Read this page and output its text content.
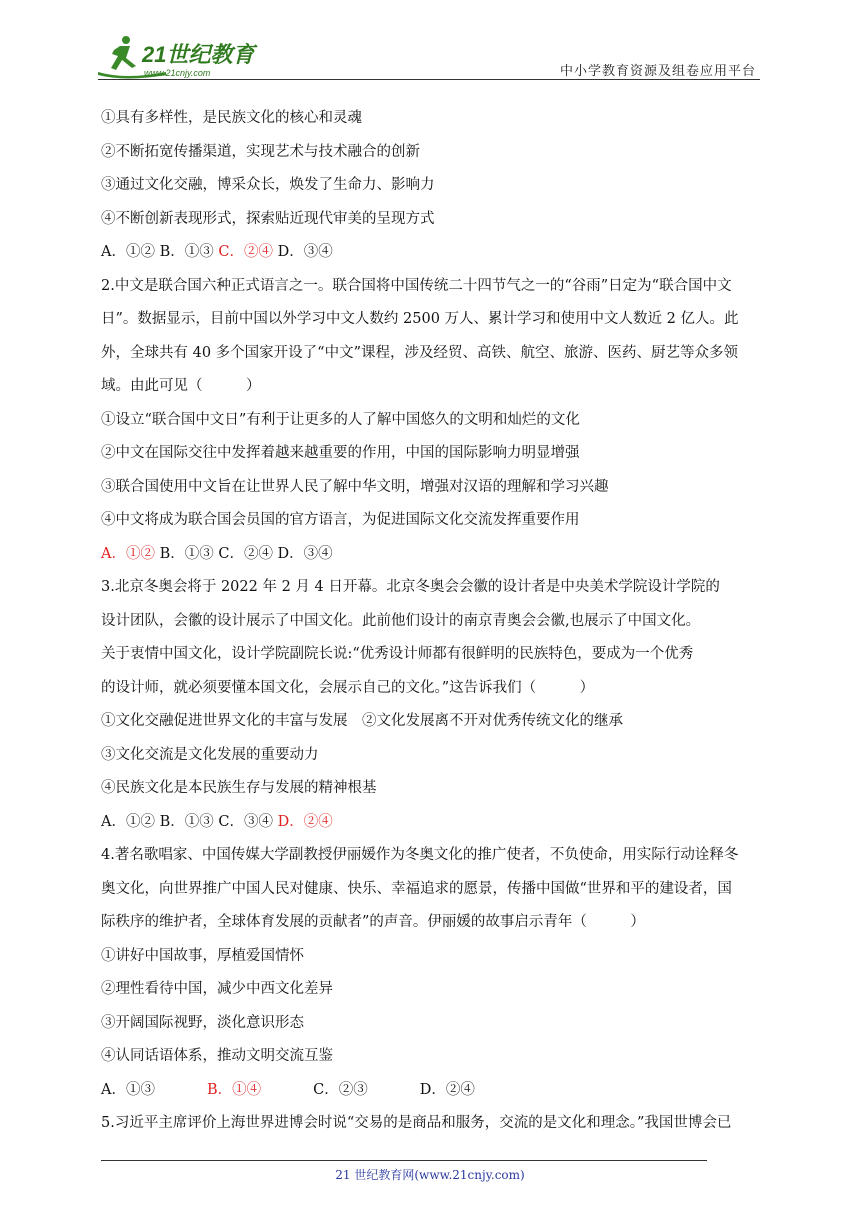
21世纪教育
www.21cnjy.com	中小学教育资源及组卷应用平台
①具有多样性，是民族文化的核心和灵魂
②不断拓宽传播渠道，实现艺术与技术融合的创新
③通过文化交融，博采众长，焕发了生命力、影响力
④不断创新表现形式，探索贴近现代审美的呈现方式
A．①② B．①③ C．②④ D．③④
2.中文是联合国六种正式语言之一。联合国将中国传统二十四节气之一的“谷雨”日定为“联合国中文
日”。数据显示，目前中国以外学习中文人数约 2500 万人、累计学习和使用中文人数近 2 亿人。此
外，全球共有 40 多个国家开设了“中文”课程，涉及经贸、高铁、航空、旅游、医药、厨艺等众多领
域。由此可见（　　　）
①设立“联合国中文日”有利于让更多的人了解中国悠久的文明和灿烂的文化
②中文在国际交往中发挥着越来越重要的作用，中国的国际影响力明显增强
③联合国使用中文旨在让世界人民了解中华文明，增强对汉语的理解和学习兴趣
④中文将成为联合国会员国的官方语言，为促进国际文化交流发挥重要作用
A．①② B．①③ C．②④ D．③④
3.北京冬奥会将于 2022 年 2 月 4 日开幕。北京冬奥会会徽的设计者是中央美术学院设计学院的
设计团队，会徽的设计展示了中国文化。此前他们设计的南京青奥会会徽,也展示了中国文化。
关于衷情中国文化，设计学院副院长说:“优秀设计师都有很鲜明的民族特色，要成为一个优秀
的设计师，就必须要懂本国文化，会展示自己的文化。”这告诉我们（　　　）
①文化交融促进世界文化的丰富与发展　②文化发展离不开对优秀传统文化的继承
③文化交流是文化发展的重要动力
④民族文化是本民族生存与发展的精神根基
A．①② B．①③ C．③④ D．②④
4.著名歌唱家、中国传媒大学副教授伊丽媛作为冬奥文化的推广使者，不负使命，用实际行动诠释冬
奥文化，向世界推广中国人民对健康、快乐、幸福追求的愿景，传播中国做“世界和平的建设者，国
际秩序的维护者，全球体育发展的贡献者”的声音。伊丽媛的故事启示青年（　　　）
①讲好中国故事，厚植爱国情怀
②理性看待中国，减少中西文化差异
③开阔国际视野，淡化意识形态
④认同话语体系，推动文明交流互鉴
A．①③	B．①④	C．②③	D．②④
5.习近平主席评价上海世界进博会时说“交易的是商品和服务，交流的是文化和理念。”我国世博会已
21 世纪教育网(www.21cnjy.com)
